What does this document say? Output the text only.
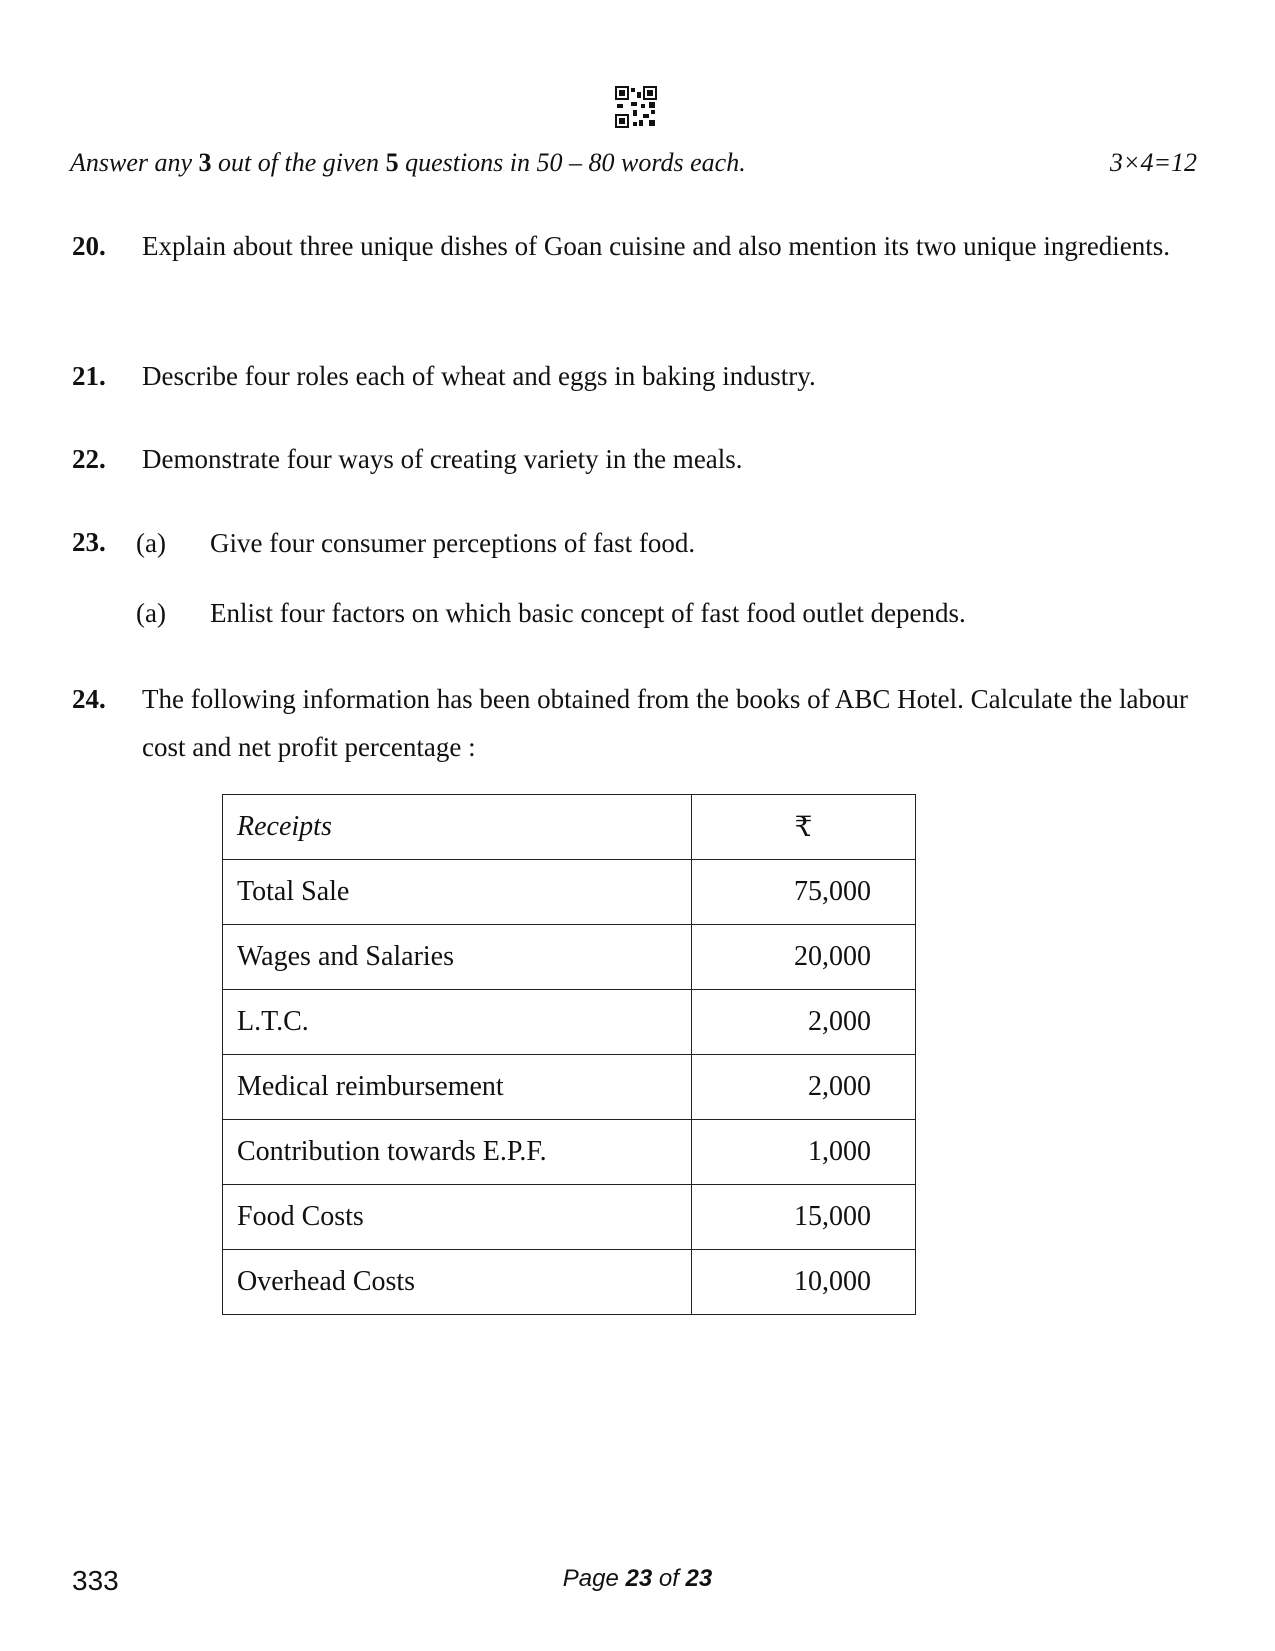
Answer any 3 out of the given 5 questions in 50 – 80 words each.	3×4=12
20. Explain about three unique dishes of Goan cuisine and also mention its two unique ingredients.
21. Describe four roles each of wheat and eggs in baking industry.
22. Demonstrate four ways of creating variety in the meals.
23. (a) Give four consumer perceptions of fast food.
(a) Enlist four factors on which basic concept of fast food outlet depends.
24. The following information has been obtained from the books of ABC Hotel. Calculate the labour cost and net profit percentage :
Receipts	₹
Total Sale	75,000
Wages and Salaries	20,000
L.T.C.	2,000
Medical reimbursement	2,000
Contribution towards E.P.F.	1,000
Food Costs	15,000
Overhead Costs	10,000
333	Page 23 of 23
